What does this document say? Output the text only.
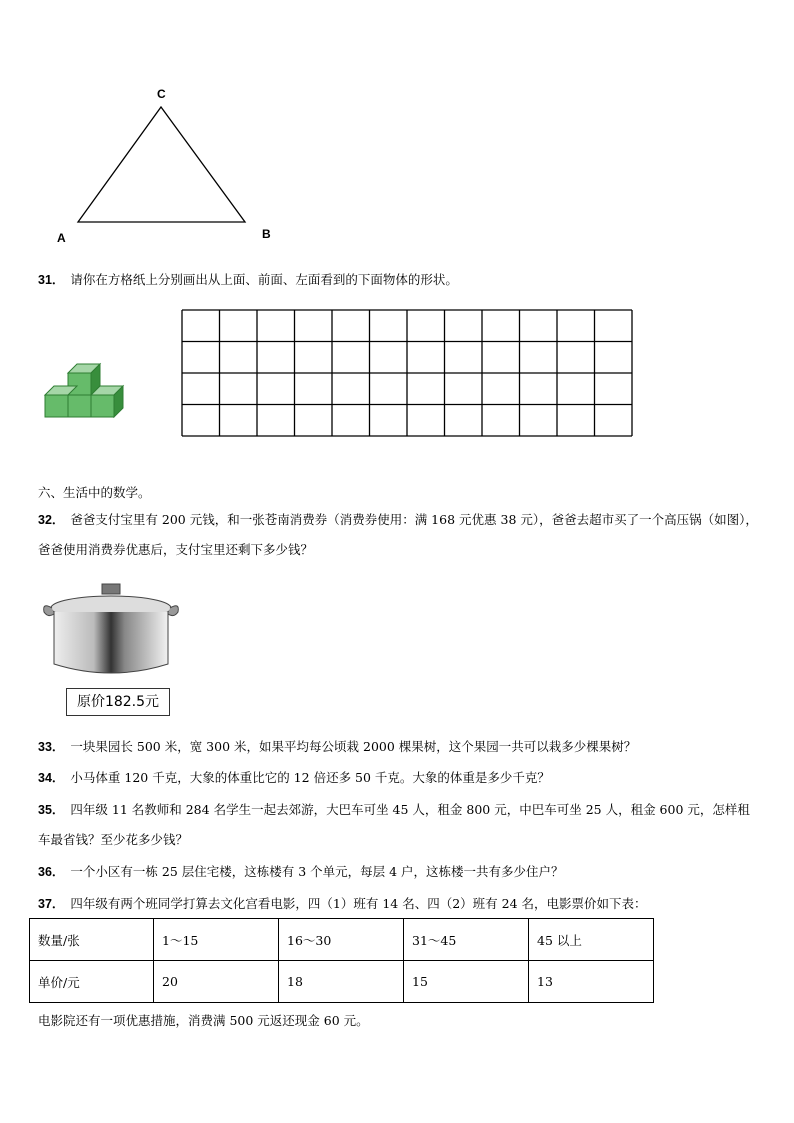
C
A	B
31． 请你在方格纸上分别画出从上面、前面、左面看到的下面物体的形状。
六、生活中的数学。
32． 爸爸支付宝里有 200 元钱，和一张苍南消费券（消费券使用：满 168 元优惠 38 元），爸爸去超市买了一个高压锅（如图），爸爸使用消费券优惠后，支付宝里还剩下多少钱？
原价182.5元
33． 一块果园长 500 米，宽 300 米，如果平均每公顷栽 2000 棵果树，这个果园一共可以栽多少棵果树？
34． 小马体重 120 千克，大象的体重比它的 12 倍还多 50 千克。大象的体重是多少千克？
35． 四年级 11 名教师和 284 名学生一起去郊游，大巴车可坐 45 人，租金 800 元，中巴车可坐 25 人，租金 600 元，怎样租车最省钱？至少花多少钱？
36． 一个小区有一栋 25 层住宅楼，这栋楼有 3 个单元，每层 4 户，这栋楼一共有多少住户？
37． 四年级有两个班同学打算去文化宫看电影，四（1）班有 14 名、四（2）班有 24 名，电影票价如下表：
数量/张	1～15	16～30	31～45	45 以上
单价/元	20	18	15	13
电影院还有一项优惠措施，消费满 500 元返还现金 60 元。
